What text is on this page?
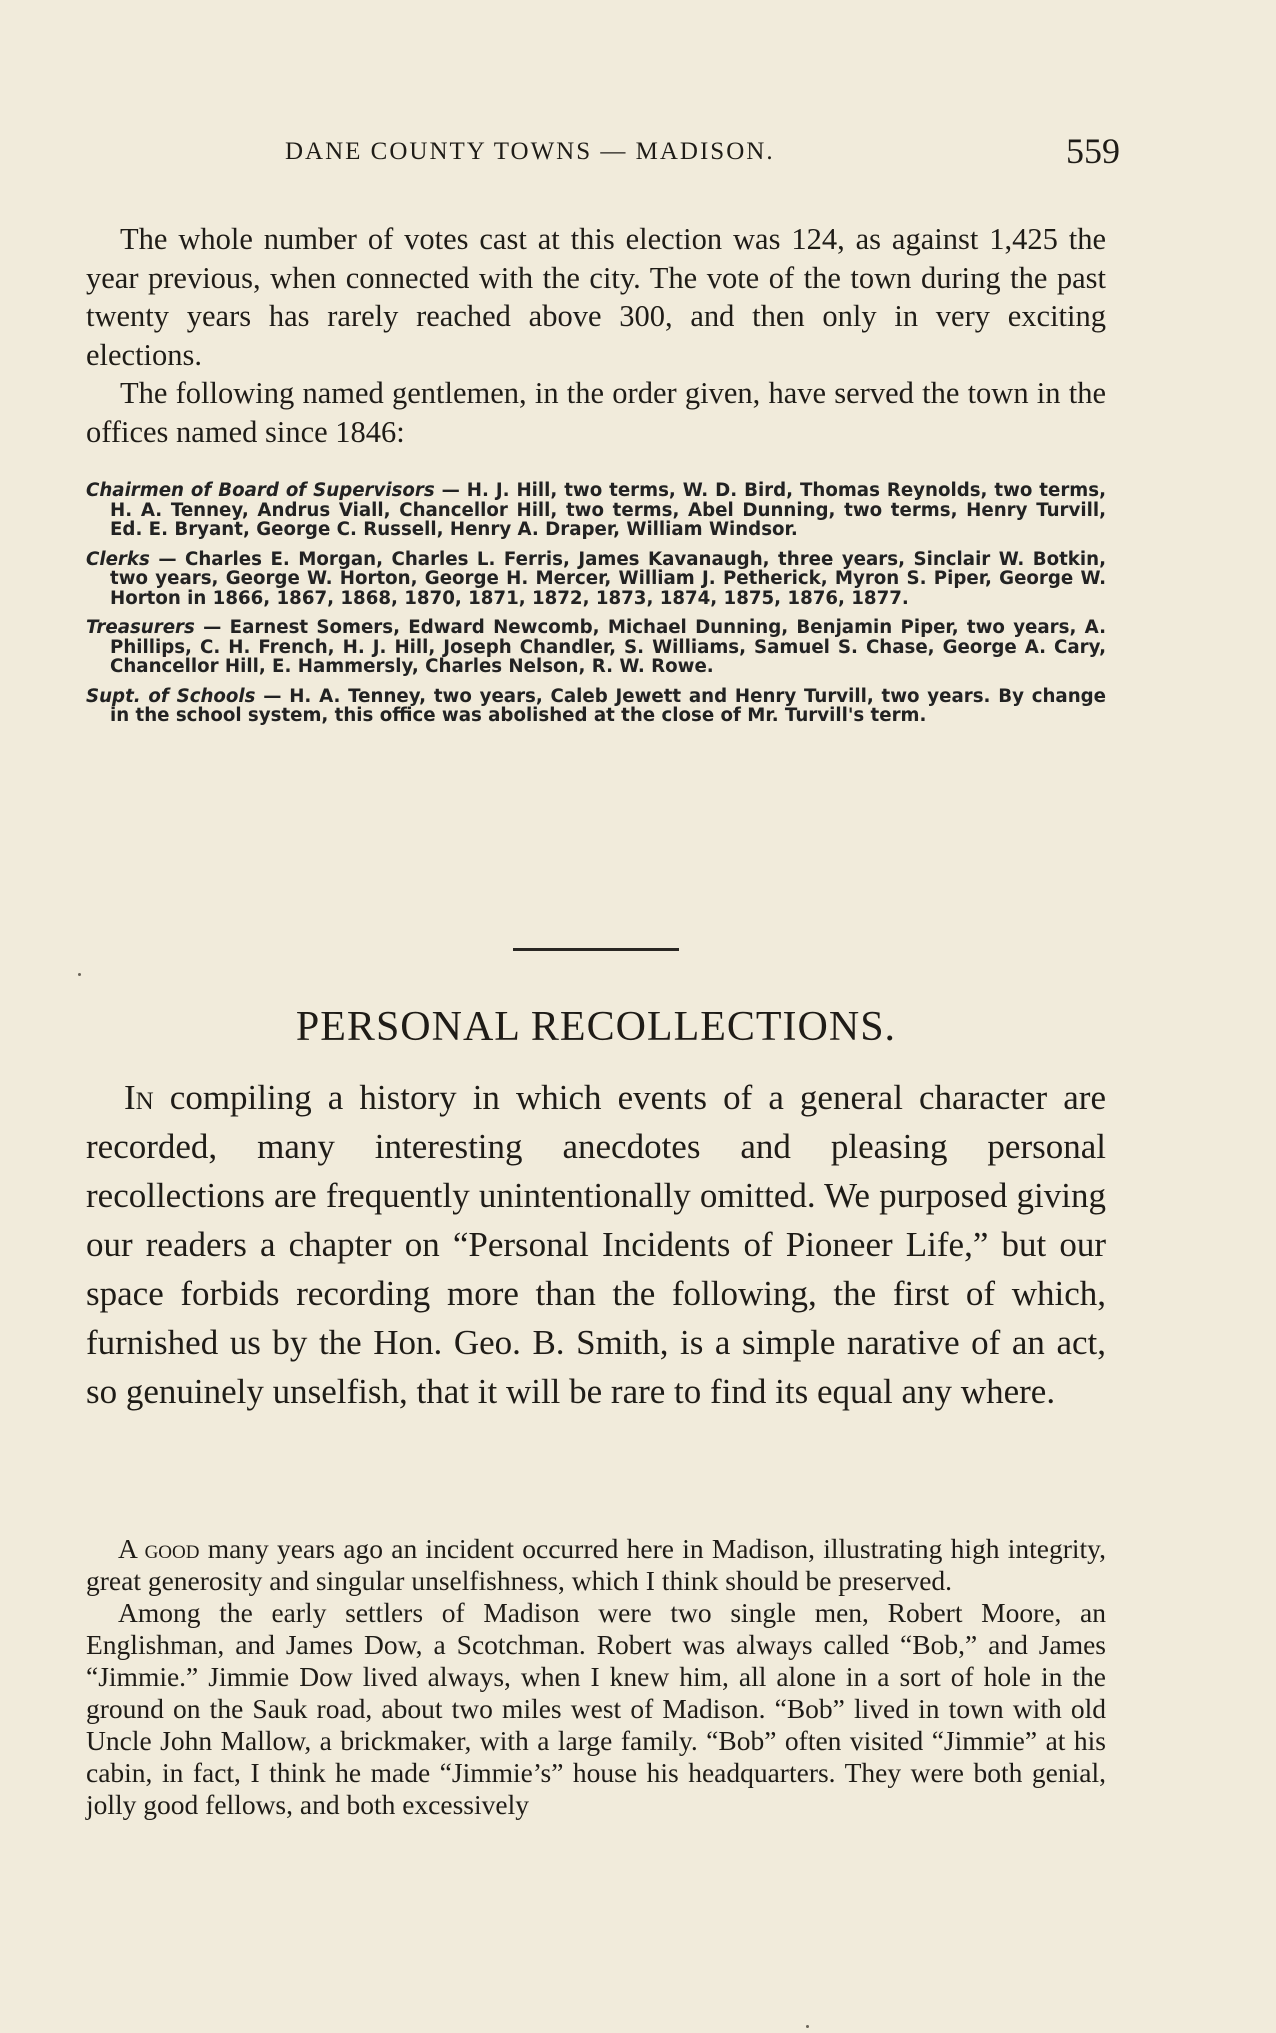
DANE COUNTY TOWNS — MADISON.	559

The whole number of votes cast at this election was 124, as against 1,425 the year previous, when connected with the city. The vote of the town during the past twenty years has rarely reached above 300, and then only in very exciting elections.

The following named gentlemen, in the order given, have served the town in the offices named since 1846:

Chairmen of Board of Supervisors — H. J. Hill, two terms, W. D. Bird, Thomas Reynolds, two terms, H. A. Tenney, Andrus Viall, Chancellor Hill, two terms, Abel Dunning, two terms, Henry Turvill, Ed. E. Bryant, George C. Russell, Henry A. Draper, William Windsor.

Clerks — Charles E. Morgan, Charles L. Ferris, James Kavanaugh, three years, Sinclair W. Botkin, two years, George W. Horton, George H. Mercer, William J. Petherick, Myron S. Piper, George W. Horton in 1866, 1867, 1868, 1870, 1871, 1872, 1873, 1874, 1875, 1876, 1877.

Treasurers — Earnest Somers, Edward Newcomb, Michael Dunning, Benjamin Piper, two years, A. Phillips, C. H. French, H. J. Hill, Joseph Chandler, S. Williams, Samuel S. Chase, George A. Cary, Chancellor Hill, E. Hammersly, Charles Nelson, R. W. Rowe.

Supt. of Schools — H. A. Tenney, two years, Caleb Jewett and Henry Turvill, two years. By change in the school system, this office was abolished at the close of Mr. Turvill's term.

PERSONAL RECOLLECTIONS.

In compiling a history in which events of a general character are recorded, many interesting anecdotes and pleasing personal recollections are frequently unintentionally omitted. We purposed giving our readers a chapter on “Personal Incidents of Pioneer Life,” but our space forbids recording more than the following, the first of which, furnished us by the Hon. Geo. B. Smith, is a simple narative of an act, so genuinely unselfish, that it will be rare to find its equal any where.

A good many years ago an incident occurred here in Madison, illustrating high integrity, great generosity and singular unselfishness, which I think should be preserved.

Among the early settlers of Madison were two single men, Robert Moore, an Englishman, and James Dow, a Scotchman. Robert was always called “Bob,” and James “Jimmie.” Jimmie Dow lived always, when I knew him, all alone in a sort of hole in the ground on the Sauk road, about two miles west of Madison. “Bob” lived in town with old Uncle John Mallow, a brickmaker, with a large family. “Bob” often visited “Jimmie” at his cabin, in fact, I think he made “Jimmie’s” house his headquarters. They were both genial, jolly good fellows, and both excessively
